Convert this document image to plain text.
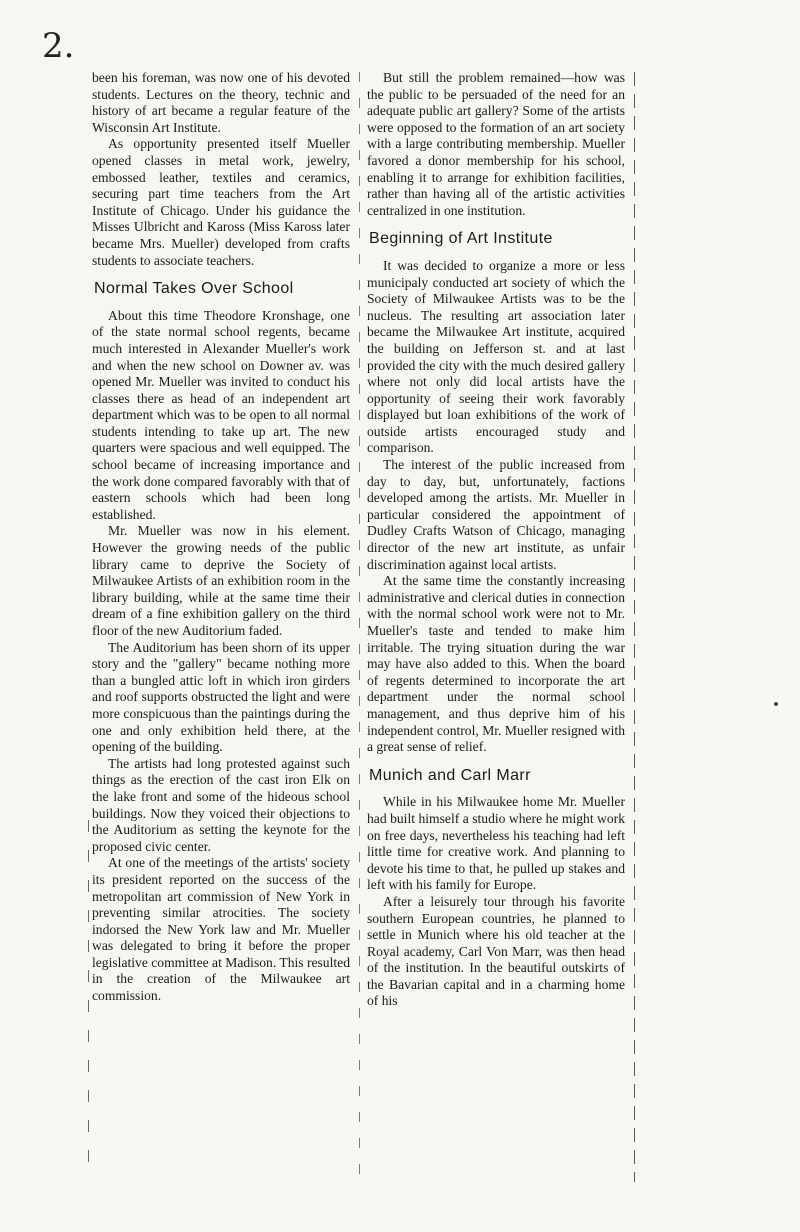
2.

been his foreman, was now one of his devoted students. Lectures on the theory, technic and history of art became a regular feature of the Wisconsin Art Institute.

As opportunity presented itself Mueller opened classes in metal work, jewelry, embossed leather, textiles and ceramics, securing part time teachers from the Art Institute of Chicago. Under his guidance the Misses Ulbricht and Kaross (Miss Kaross later became Mrs. Mueller) developed from crafts students to associate teachers.

Normal Takes Over School

About this time Theodore Kronshage, one of the state normal school regents, became much interested in Alexander Mueller's work and when the new school on Downer av. was opened Mr. Mueller was invited to conduct his classes there as head of an independent art department which was to be open to all normal students intending to take up art. The new quarters were spacious and well equipped. The school became of increasing importance and the work done compared favorably with that of eastern schools which had been long established.

Mr. Mueller was now in his element. However the growing needs of the public library came to deprive the Society of Milwaukee Artists of an exhibition room in the library building, while at the same time their dream of a fine exhibition gallery on the third floor of the new Auditorium faded.

The Auditorium has been shorn of its upper story and the "gallery" became nothing more than a bungled attic loft in which iron girders and roof supports obstructed the light and were more conspicuous than the paintings during the one and only exhibition held there, at the opening of the building.

The artists had long protested against such things as the erection of the cast iron Elk on the lake front and some of the hideous school buildings. Now they voiced their objections to the Auditorium as setting the keynote for the proposed civic center.

At one of the meetings of the artists' society its president reported on the success of the metropolitan art commission of New York in preventing similar atrocities. The society indorsed the New York law and Mr. Mueller was delegated to bring it before the proper legislative committee at Madison. This resulted in the creation of the Milwaukee art commission.

But still the problem remained—how was the public to be persuaded of the need for an adequate public art gallery? Some of the artists were opposed to the formation of an art society with a large contributing membership. Mueller favored a donor membership for his school, enabling it to arrange for exhibition facilities, rather than having all of the artistic activities centralized in one institution.

Beginning of Art Institute

It was decided to organize a more or less municipaly conducted art society of which the Society of Milwaukee Artists was to be the nucleus. The resulting art association later became the Milwaukee Art institute, acquired the building on Jefferson st. and at last provided the city with the much desired gallery where not only did local artists have the opportunity of seeing their work favorably displayed but loan exhibitions of the work of outside artists encouraged study and comparison.

The interest of the public increased from day to day, but, unfortunately, factions developed among the artists. Mr. Mueller in particular considered the appointment of Dudley Crafts Watson of Chicago, managing director of the new art institute, as unfair discrimination against local artists.

At the same time the constantly increasing administrative and clerical duties in connection with the normal school work were not to Mr. Mueller's taste and tended to make him irritable. The trying situation during the war may have also added to this. When the board of regents determined to incorporate the art department under the normal school management, and thus deprive him of his independent control, Mr. Mueller resigned with a great sense of relief.

Munich and Carl Marr

While in his Milwaukee home Mr. Mueller had built himself a studio where he might work on free days, nevertheless his teaching had left little time for creative work. And planning to devote his time to that, he pulled up stakes and left with his family for Europe.

After a leisurely tour through his favorite southern European countries, he planned to settle in Munich where his old teacher at the Royal academy, Carl Von Marr, was then head of the institution. In the beautiful outskirts of the Bavarian capital and in a charming home of his
